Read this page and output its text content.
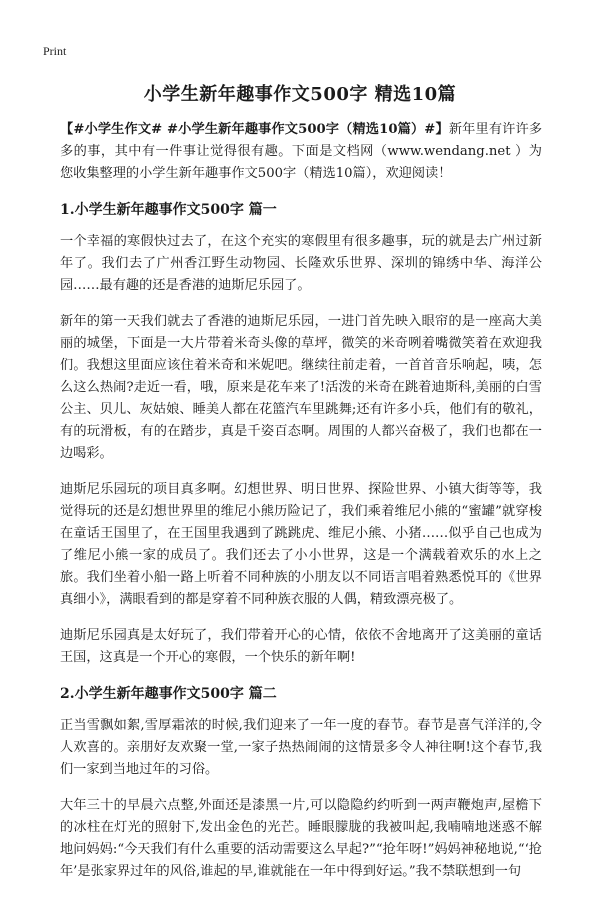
Print
小学生新年趣事作文500字 精选10篇

【#小学生作文# #小学生新年趣事作文500字（精选10篇）#】新年里有许许多多的事，其中有一件事让觉得很有趣。下面是文档网（www.wendang.net ）为您收集整理的小学生新年趣事作文500字（精选10篇），欢迎阅读！

1.小学生新年趣事作文500字 篇一

一个幸福的寒假快过去了，在这个充实的寒假里有很多趣事，玩的就是去广州过新年了。我们去了广州香江野生动物园、长隆欢乐世界、深圳的锦绣中华、海洋公园……最有趣的还是香港的迪斯尼乐园了。

新年的第一天我们就去了香港的迪斯尼乐园，一进门首先映入眼帘的是一座高大美丽的城堡，下面是一大片带着米奇头像的草坪，微笑的米奇咧着嘴微笑着在欢迎我们。我想这里面应该住着米奇和米妮吧。继续往前走着，一首首音乐响起，咦，怎么这么热闹?走近一看，哦，原来是花车来了!活泼的米奇在跳着迪斯科,美丽的白雪公主、贝儿、灰姑娘、睡美人都在花篮汽车里跳舞;还有许多小兵，他们有的敬礼，有的玩滑板，有的在踏步，真是千姿百态啊。周围的人都兴奋极了，我们也都在一边喝彩。

迪斯尼乐园玩的项目真多啊。幻想世界、明日世界、探险世界、小镇大街等等，我觉得玩的还是幻想世界里的维尼小熊历险记了，我们乘着维尼小熊的“蜜罐”就穿梭在童话王国里了，在王国里我遇到了跳跳虎、维尼小熊、小猪……似乎自己也成为了维尼小熊一家的成员了。我们还去了小小世界，这是一个满载着欢乐的水上之旅。我们坐着小船一路上听着不同种族的小朋友以不同语言唱着熟悉悦耳的《世界真细小》，满眼看到的都是穿着不同种族衣服的人偶，精致漂亮极了。

迪斯尼乐园真是太好玩了，我们带着开心的心情，依依不舍地离开了这美丽的童话王国，这真是一个开心的寒假，一个快乐的新年啊!

2.小学生新年趣事作文500字 篇二

正当雪飘如絮,雪厚霜浓的时候,我们迎来了一年一度的春节。春节是喜气洋洋的,令人欢喜的。亲朋好友欢聚一堂,一家子热热闹闹的这情景多令人神往啊!这个春节,我们一家到当地过年的习俗。

大年三十的早晨六点整,外面还是漆黑一片,可以隐隐约约听到一两声鞭炮声,屋檐下的冰柱在灯光的照射下,发出金色的光芒。睡眼朦胧的我被叫起,我喃喃地迷惑不解地问妈妈:“今天我们有什么重要的活动需要这么早起?”“抢年呀!”妈妈神秘地说,“‘抢年’是张家界过年的风俗,谁起的早,谁就能在一年中得到好运。”我不禁联想到一句
